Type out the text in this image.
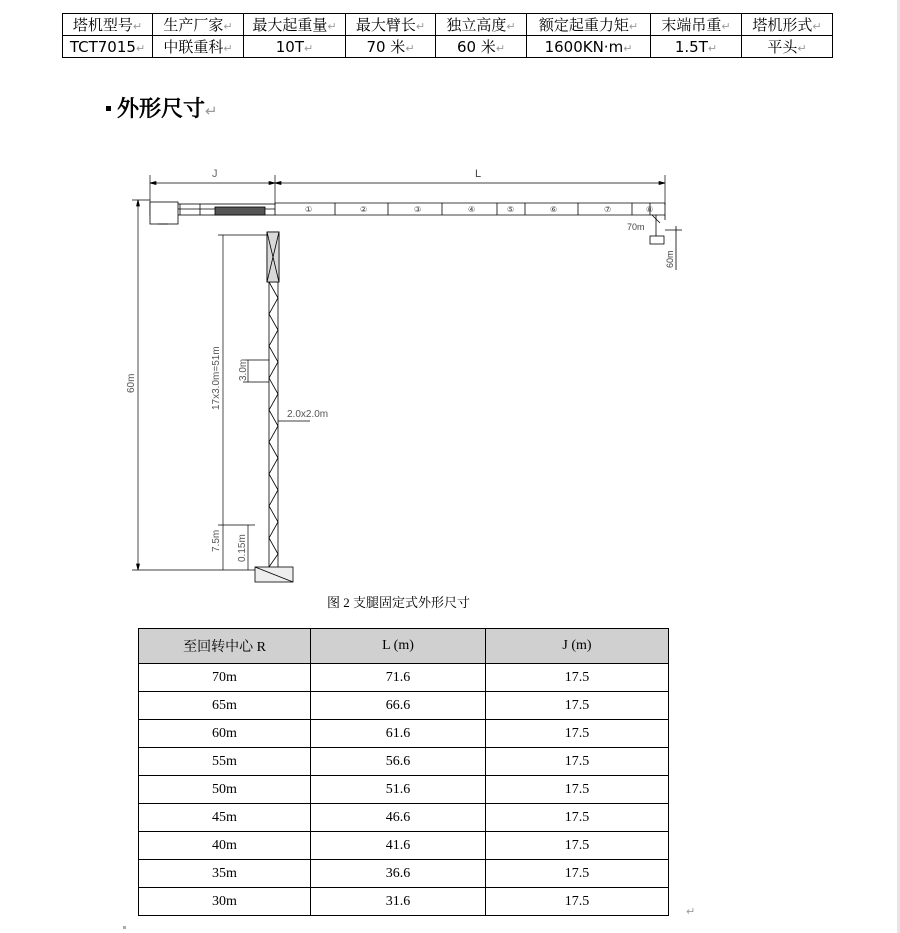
塔机型号↵	生产厂家↵	最大起重量↵	最大臂长↵	独立高度↵	额定起重力矩↵	末端吊重↵	塔机形式↵
TCT7015↵	中联重科↵	10T↵	70 米↵	60 米↵	1600KN·m↵	1.5T↵	平头↵
外形尺寸↵
J	L
①	②	③	④	⑤	⑥	⑦	⑧
70m
60m
60m	17x3.0m=51m 3.0m
2.0x2.0m
7.5m 0.15m
图 2 支腿固定式外形尺寸
至回转中心 R	L (m)	J (m)
70m	71.6	17.5
65m	66.6	17.5
60m	61.6	17.5
55m	56.6	17.5
50m	51.6	17.5
45m	46.6	17.5
40m	41.6	17.5
35m	36.6	17.5
30m	31.6	17.5
↵
